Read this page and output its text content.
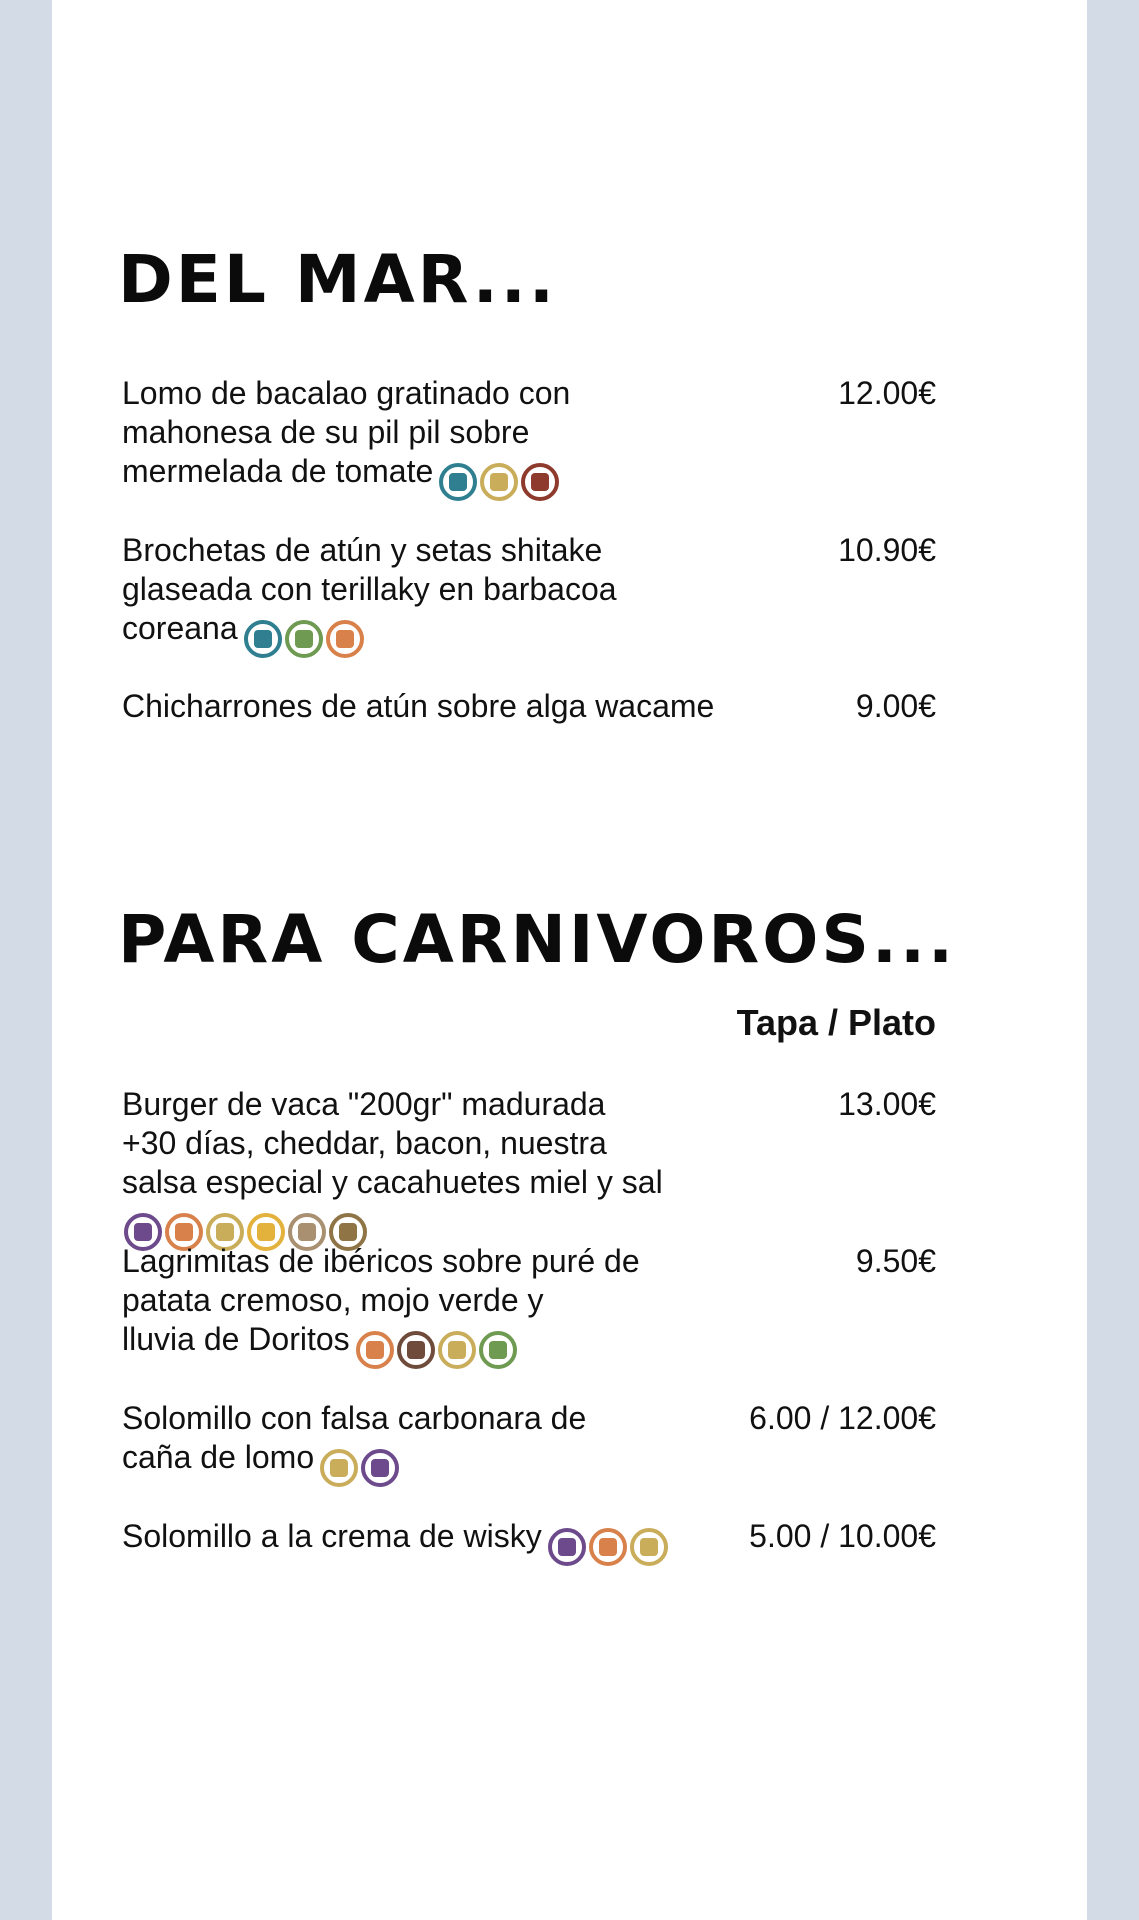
DEL MAR...
Lomo de bacalao gratinado con
mahonesa de su pil pil sobre
mermelada de tomate
12.00€
Brochetas de atún y setas shitake
glaseada con terillaky en barbacoa
coreana
10.90€
Chicharrones de atún sobre alga wacame	9.00€
PARA CARNIVOROS...
Tapa / Plato
Burger de vaca "200gr" madurada
+30 días, cheddar, bacon, nuestra
salsa especial y cacahuetes miel y sal
13.00€
Lagrimitas de ibéricos sobre puré de
patata cremoso, mojo verde y
lluvia de Doritos
9.50€
Solomillo con falsa carbonara de
caña de lomo
6.00 / 12.00€
Solomillo a la crema de wisky	5.00 / 10.00€
